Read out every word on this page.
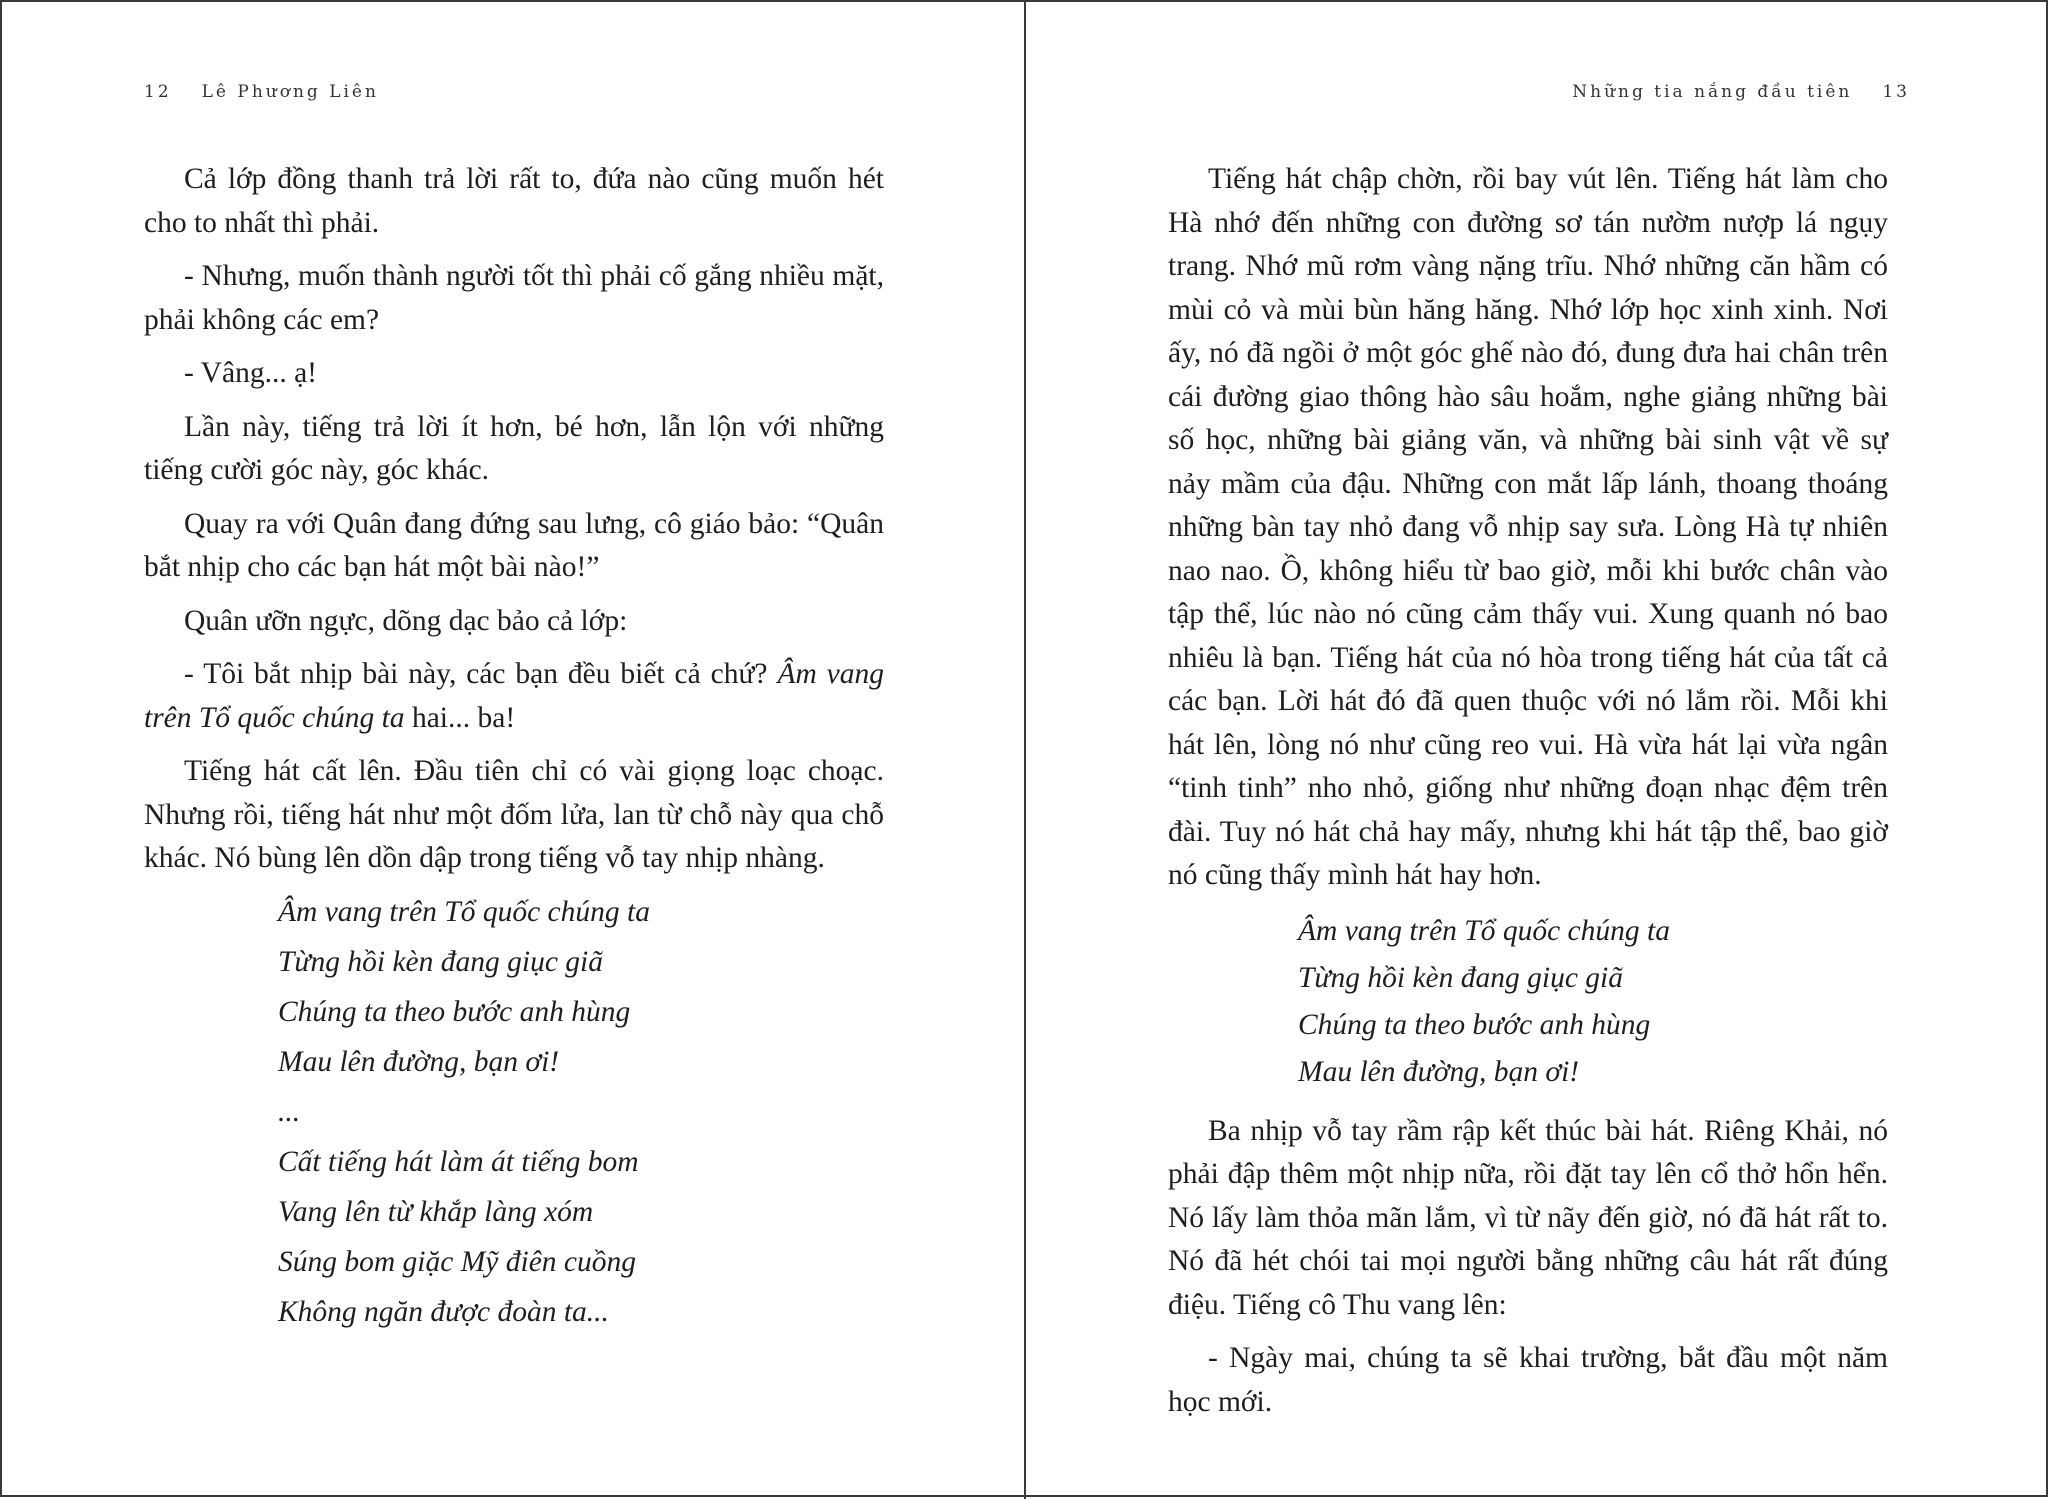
12 Lê Phương Liên

Cả lớp đồng thanh trả lời rất to, đứa nào cũng muốn hét cho to nhất thì phải.

- Nhưng, muốn thành người tốt thì phải cố gắng nhiều mặt, phải không các em?

- Vâng... ạ!

Lần này, tiếng trả lời ít hơn, bé hơn, lẫn lộn với những tiếng cười góc này, góc khác.

Quay ra với Quân đang đứng sau lưng, cô giáo bảo: “Quân bắt nhịp cho các bạn hát một bài nào!”

Quân ưỡn ngực, dõng dạc bảo cả lớp:

- Tôi bắt nhịp bài này, các bạn đều biết cả chứ? Âm vang trên Tổ quốc chúng ta hai... ba!

Tiếng hát cất lên. Đầu tiên chỉ có vài giọng loạc choạc. Nhưng rồi, tiếng hát như một đốm lửa, lan từ chỗ này qua chỗ khác. Nó bùng lên dồn dập trong tiếng vỗ tay nhịp nhàng.

Âm vang trên Tổ quốc chúng ta
Từng hồi kèn đang giục giã
Chúng ta theo bước anh hùng
Mau lên đường, bạn ơi!
...
Cất tiếng hát làm át tiếng bom
Vang lên từ khắp làng xóm
Súng bom giặc Mỹ điên cuồng
Không ngăn được đoàn ta...
Những tia nắng đầu tiên 13

Tiếng hát chập chờn, rồi bay vút lên. Tiếng hát làm cho Hà nhớ đến những con đường sơ tán nườm nượp lá ngụy trang. Nhớ mũ rơm vàng nặng trĩu. Nhớ những căn hầm có mùi cỏ và mùi bùn hăng hăng. Nhớ lớp học xinh xinh. Nơi ấy, nó đã ngồi ở một góc ghế nào đó, đung đưa hai chân trên cái đường giao thông hào sâu hoắm, nghe giảng những bài số học, những bài giảng văn, và những bài sinh vật về sự nảy mầm của đậu. Những con mắt lấp lánh, thoang thoáng những bàn tay nhỏ đang vỗ nhịp say sưa. Lòng Hà tự nhiên nao nao. Ồ, không hiểu từ bao giờ, mỗi khi bước chân vào tập thể, lúc nào nó cũng cảm thấy vui. Xung quanh nó bao nhiêu là bạn. Tiếng hát của nó hòa trong tiếng hát của tất cả các bạn. Lời hát đó đã quen thuộc với nó lắm rồi. Mỗi khi hát lên, lòng nó như cũng reo vui. Hà vừa hát lại vừa ngân “tinh tinh” nho nhỏ, giống như những đoạn nhạc đệm trên đài. Tuy nó hát chả hay mấy, nhưng khi hát tập thể, bao giờ nó cũng thấy mình hát hay hơn.

Âm vang trên Tổ quốc chúng ta
Từng hồi kèn đang giục giã
Chúng ta theo bước anh hùng
Mau lên đường, bạn ơi!

Ba nhịp vỗ tay rầm rập kết thúc bài hát. Riêng Khải, nó phải đập thêm một nhịp nữa, rồi đặt tay lên cổ thở hổn hển. Nó lấy làm thỏa mãn lắm, vì từ nãy đến giờ, nó đã hát rất to. Nó đã hét chói tai mọi người bằng những câu hát rất đúng điệu. Tiếng cô Thu vang lên:

- Ngày mai, chúng ta sẽ khai trường, bắt đầu một năm học mới.
